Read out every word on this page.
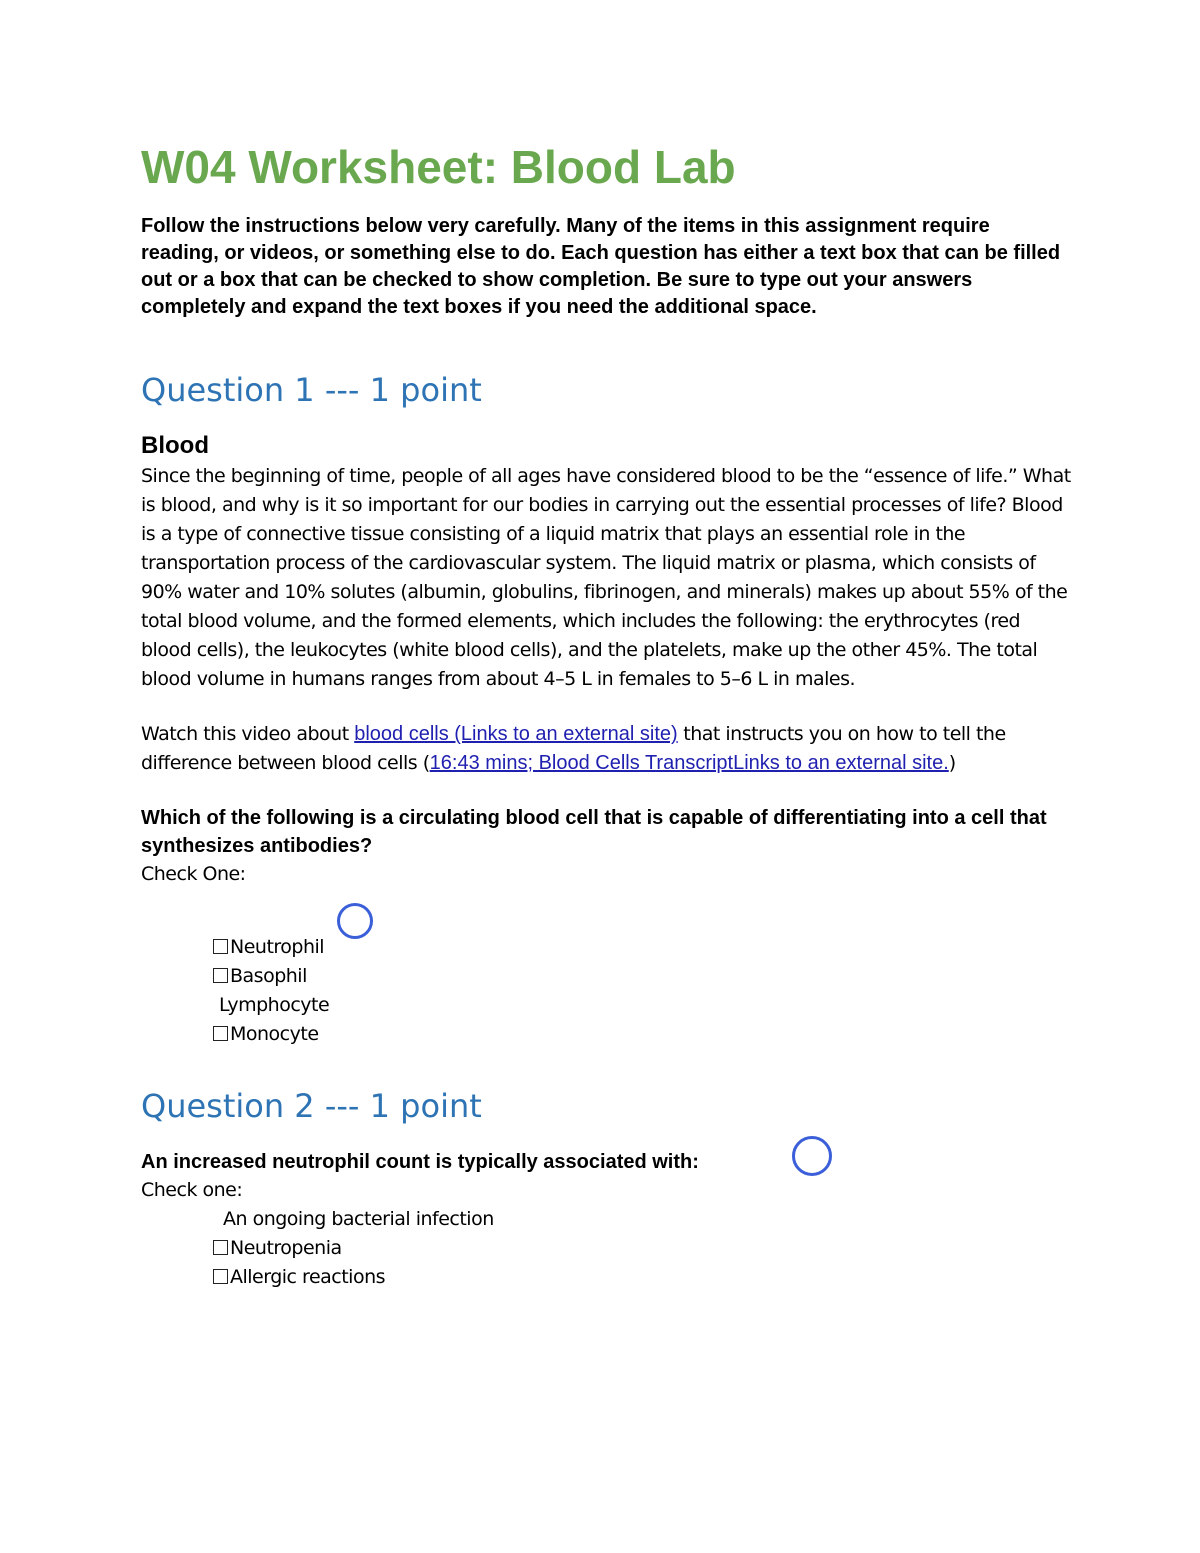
W04 Worksheet: Blood Lab

Follow the instructions below very carefully. Many of the items in this assignment require reading, or videos, or something else to do. Each question has either a text box that can be filled out or a box that can be checked to show completion. Be sure to type out your answers completely and expand the text boxes if you need the additional space.

Question 1 --- 1 point
Blood

Since the beginning of time, people of all ages have considered blood to be the “essence of life.” What is blood, and why is it so important for our bodies in carrying out the essential processes of life? Blood is a type of connective tissue consisting of a liquid matrix that plays an essential role in the transportation process of the cardiovascular system. The liquid matrix or plasma, which consists of 90% water and 10% solutes (albumin, globulins, fibrinogen, and minerals) makes up about 55% of the total blood volume, and the formed elements, which includes the following: the erythrocytes (red blood cells), the leukocytes (white blood cells), and the platelets, make up the other 45%. The total blood volume in humans ranges from about 4–5 L in females to 5–6 L in males.

Watch this video about blood cells (Links to an external site) that instructs you on how to tell the difference between blood cells (16:43 mins; Blood Cells TranscriptLinks to an external site.)

Which of the following is a circulating blood cell that is capable of differentiating into a cell that synthesizes antibodies?

Check One:

Neutrophil
Basophil
Lymphocyte
Monocyte
Question 2 --- 1 point

An increased neutrophil count is typically associated with:

Check one:

An ongoing bacterial infection
Neutropenia
Allergic reactions
